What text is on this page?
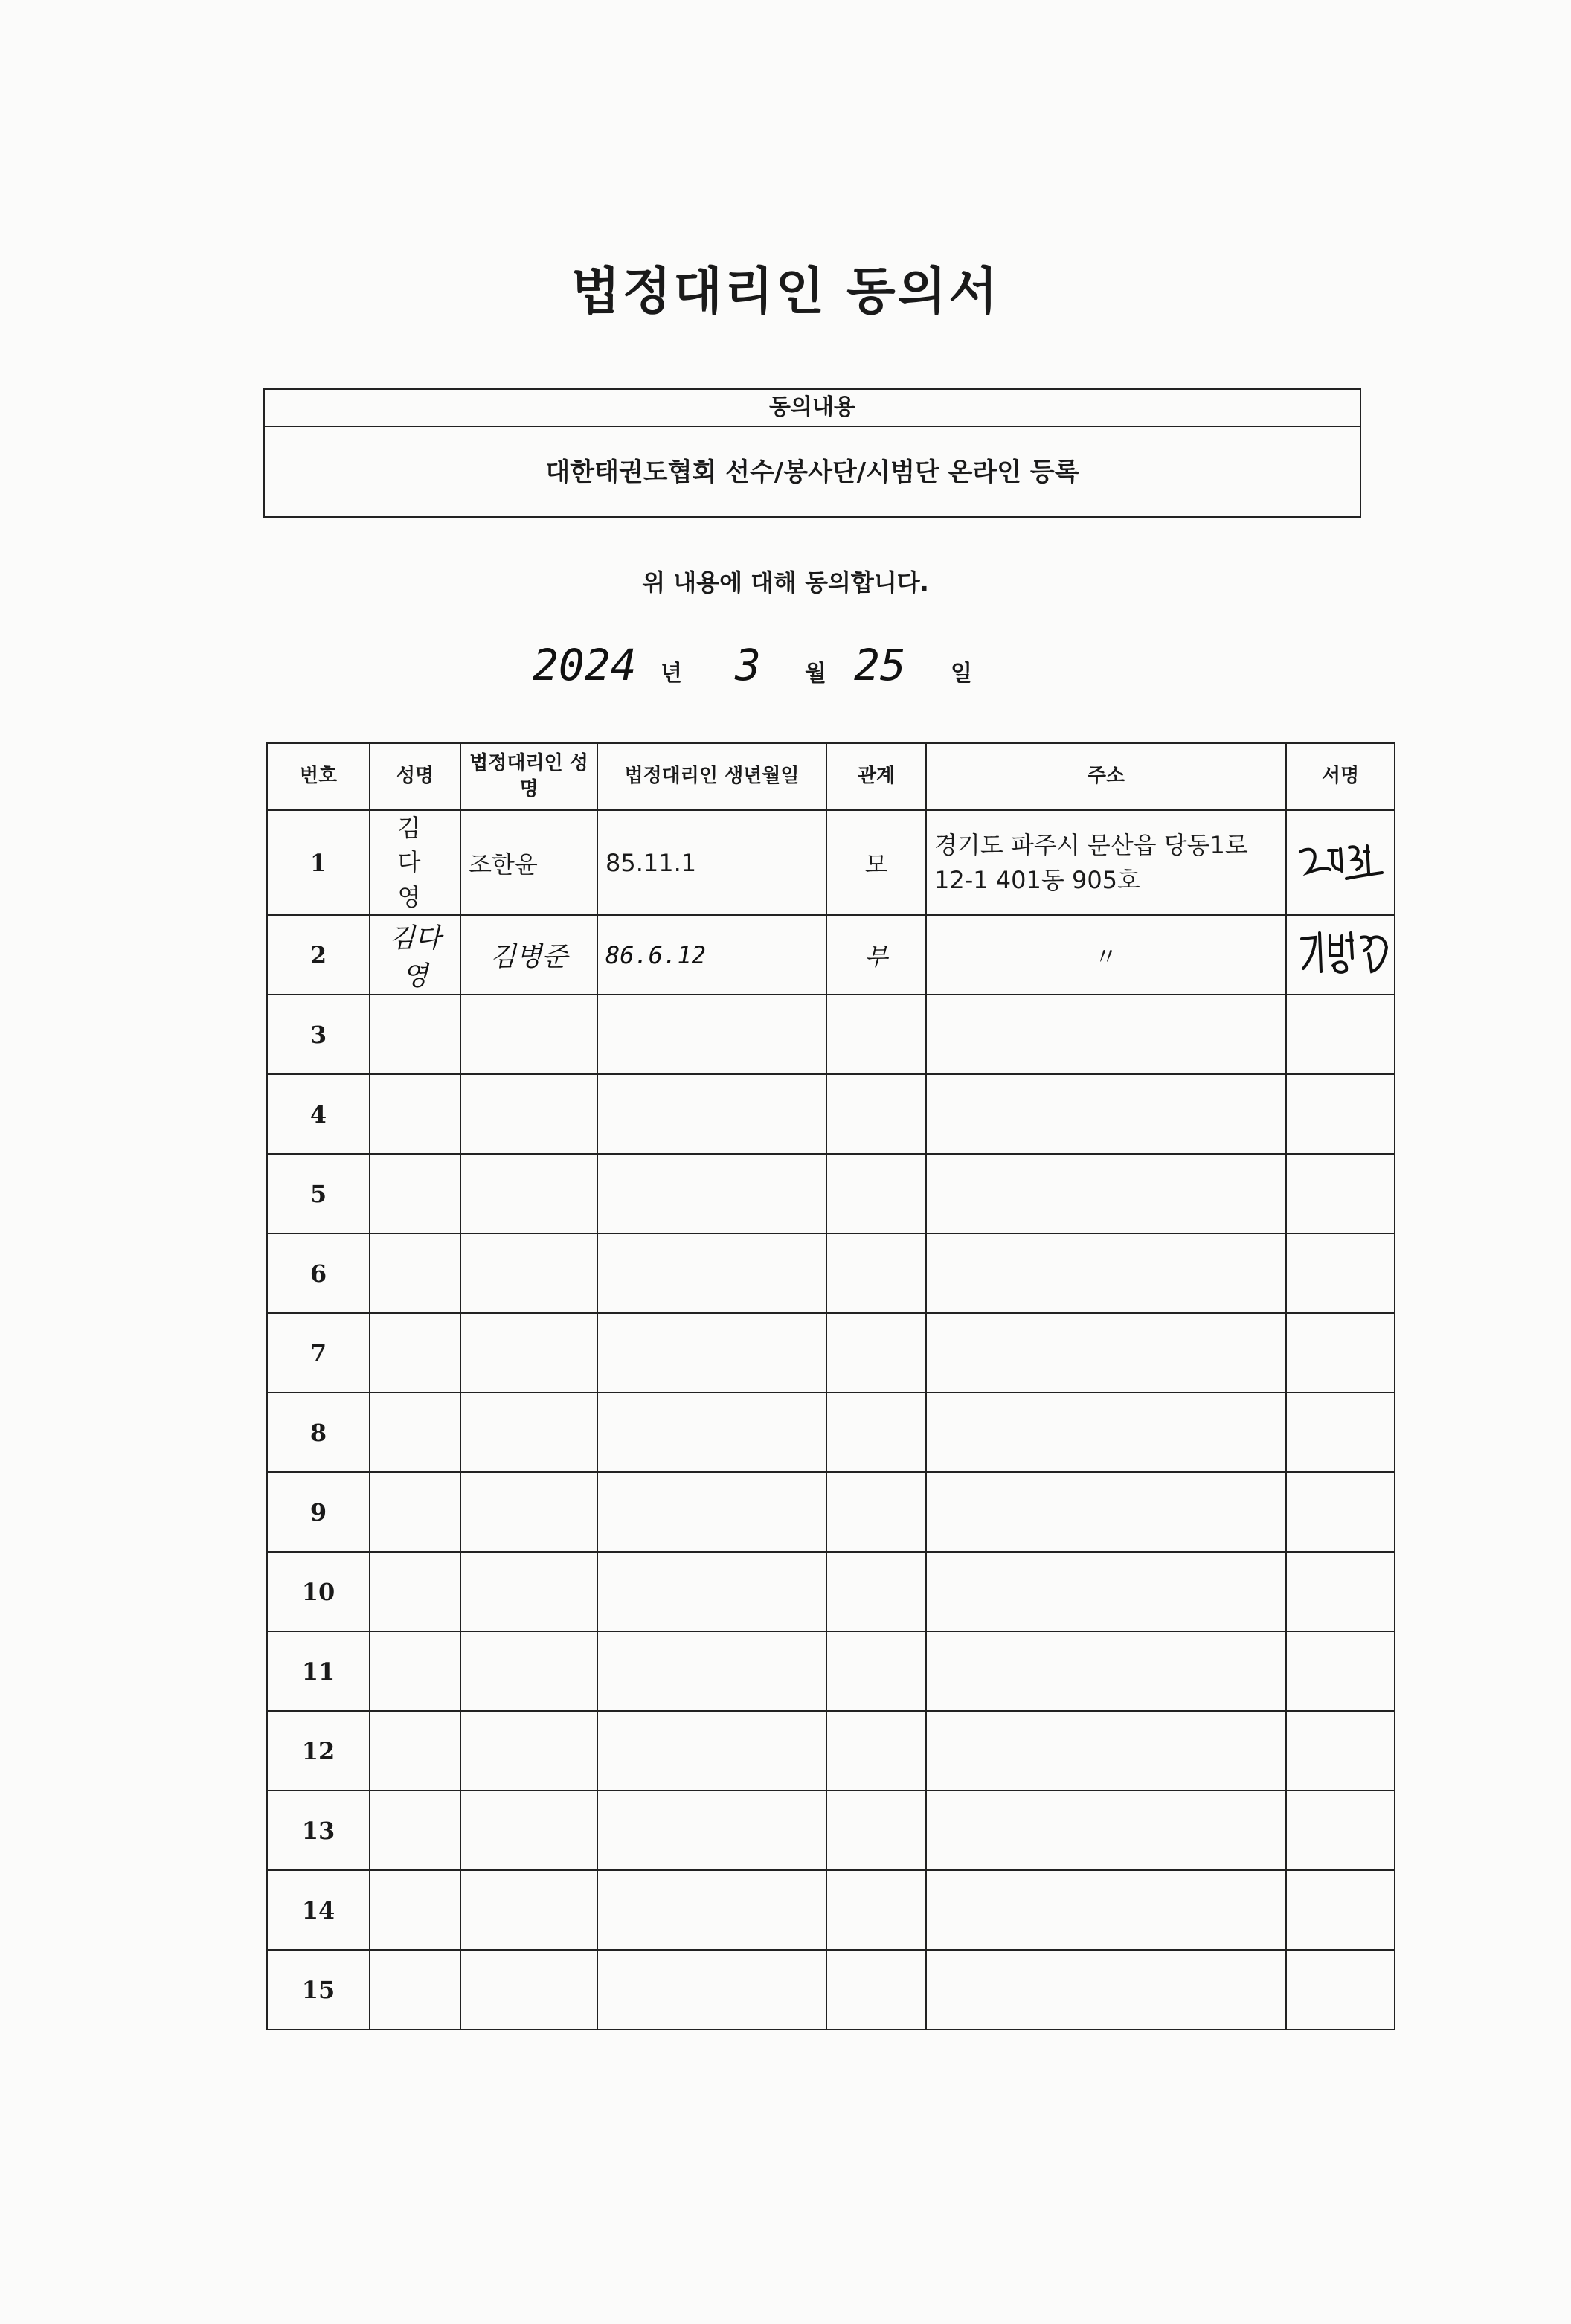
법정대리인 동의서
동의내용
대한태권도협회 선수/봉사단/시범단 온라인 등록
위 내용에 대해 동의합니다.
2024 년 3 월 25 일
번호	성명	법정대리인 성명	법정대리인 생년월일	관계	주소	서명
1	김 다 영	조한윤	85.11.1	모	경기도 파주시 문산읍 당동1로 12-1 401동 905호	

2	김다영	김병준	86.6.12	부	〃	

3						
4						
5						
6						
7						
8						
9						
10						
11						
12						
13						
14						
15						
